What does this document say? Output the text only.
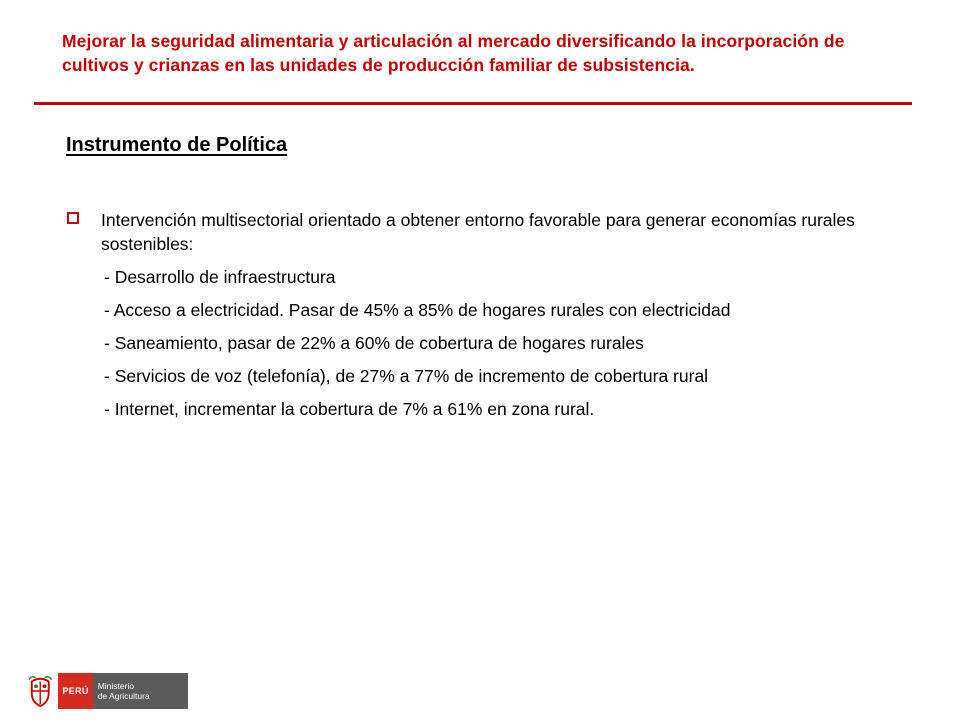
Mejorar la seguridad alimentaria y articulación al mercado diversificando la incorporación de cultivos y crianzas en las unidades de producción familiar de subsistencia.
Instrumento de Política
Intervención multisectorial orientado a obtener entorno favorable para generar economías rurales sostenibles:
- Desarrollo de infraestructura
- Acceso a electricidad. Pasar de 45% a 85% de hogares rurales con electricidad
- Saneamiento, pasar de 22% a 60% de cobertura de hogares rurales
- Servicios de voz (telefonía), de 27% a 77% de incremento de cobertura rural
- Internet, incrementar la cobertura de 7% a 61% en zona rural.
PERÚ	Ministerio
de Agricultura
